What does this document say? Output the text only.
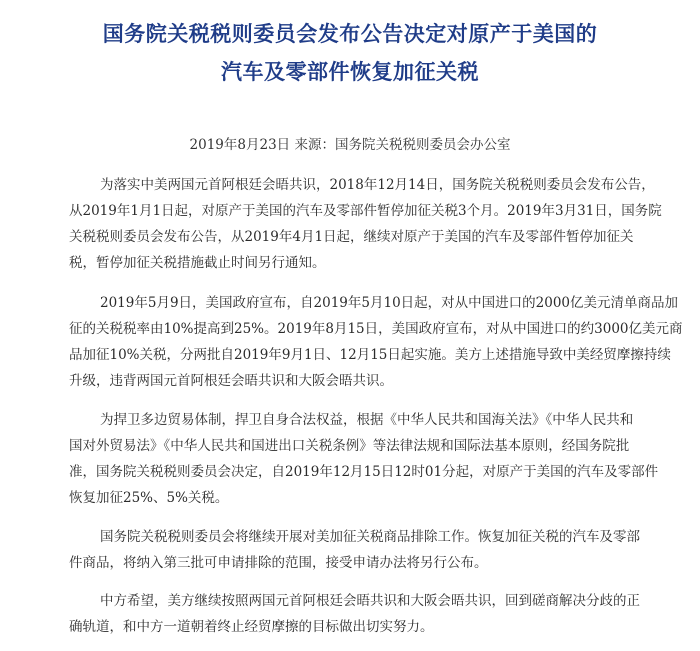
国务院关税税则委员会发布公告决定对原产于美国的
汽车及零部件恢复加征关税
2019年8月23日 来源：国务院关税税则委员会办公室
为落实中美两国元首阿根廷会晤共识，2018年12月14日，国务院关税税则委员会发布公告，
从2019年1月1日起，对原产于美国的汽车及零部件暂停加征关税3个月。2019年3月31日，国务院
关税税则委员会发布公告，从2019年4月1日起，继续对原产于美国的汽车及零部件暂停加征关
税，暂停加征关税措施截止时间另行通知。
2019年5月9日，美国政府宣布，自2019年5月10日起，对从中国进口的2000亿美元清单商品加
征的关税税率由10%提高到25%。2019年8月15日，美国政府宣布，对从中国进口的约3000亿美元商
品加征10%关税，分两批自2019年9月1日、12月15日起实施。美方上述措施导致中美经贸摩擦持续
升级，违背两国元首阿根廷会晤共识和大阪会晤共识。
为捍卫多边贸易体制，捍卫自身合法权益，根据《中华人民共和国海关法》《中华人民共和
国对外贸易法》《中华人民共和国进出口关税条例》等法律法规和国际法基本原则，经国务院批
准，国务院关税税则委员会决定，自2019年12月15日12时01分起，对原产于美国的汽车及零部件
恢复加征25%、5%关税。
国务院关税税则委员会将继续开展对美加征关税商品排除工作。恢复加征关税的汽车及零部
件商品，将纳入第三批可申请排除的范围，接受申请办法将另行公布。
中方希望，美方继续按照两国元首阿根廷会晤共识和大阪会晤共识，回到磋商解决分歧的正
确轨道，和中方一道朝着终止经贸摩擦的目标做出切实努力。
